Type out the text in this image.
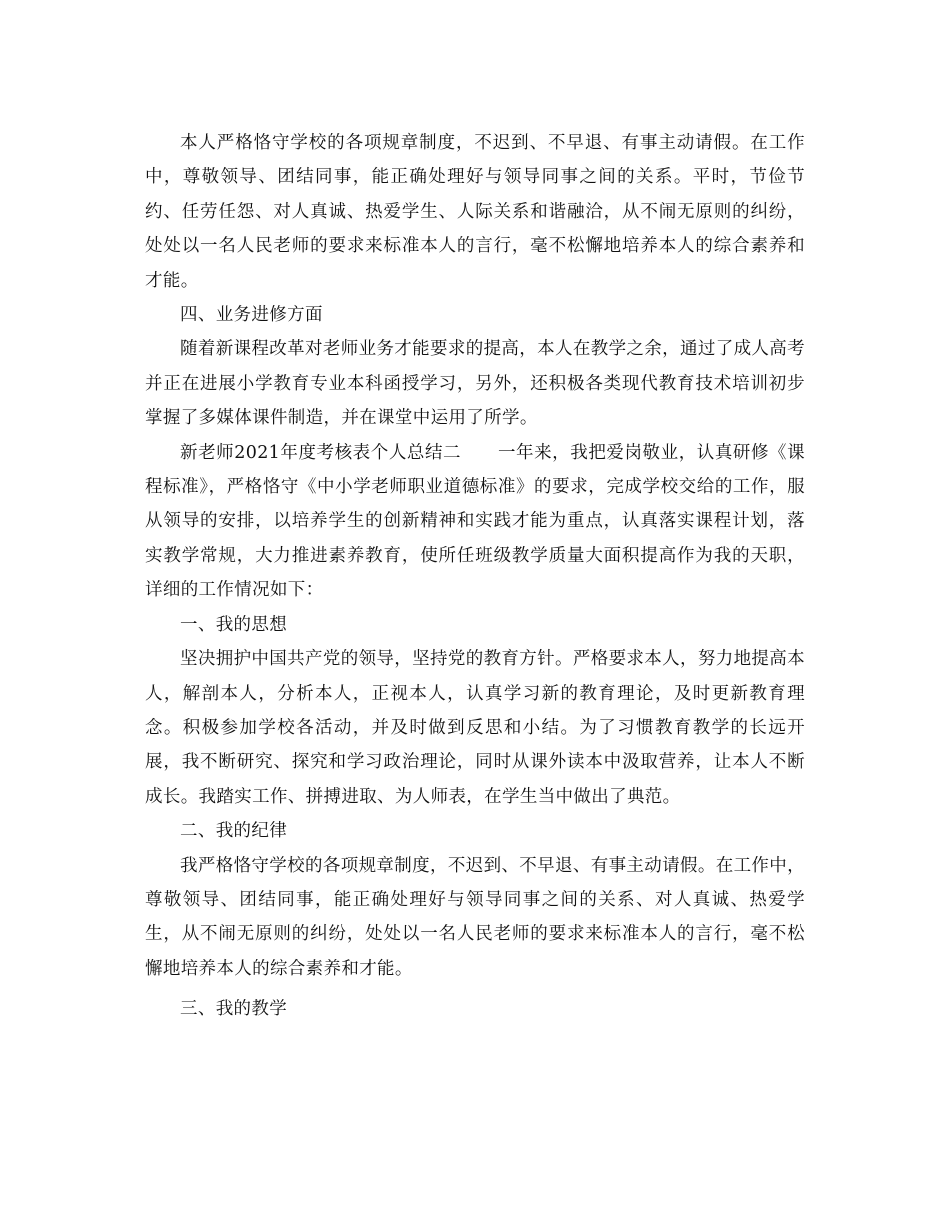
本人严格恪守学校的各项规章制度，不迟到、不早退、有事主动请假。在工作中，尊敬领导、团结同事，能正确处理好与领导同事之间的关系。平时，节俭节约、任劳任怨、对人真诚、热爱学生、人际关系和谐融洽，从不闹无原则的纠纷，处处以一名人民老师的要求来标准本人的言行，毫不松懈地培养本人的综合素养和才能。

四、业务进修方面

随着新课程改革对老师业务才能要求的提高，本人在教学之余，通过了成人高考并正在进展小学教育专业本科函授学习，另外，还积极各类现代教育技术培训初步掌握了多媒体课件制造，并在课堂中运用了所学。

新老师2021年度考核表个人总结二 一年来，我把爱岗敬业，认真研修《课程标准》，严格恪守《中小学老师职业道德标准》的要求，完成学校交给的工作，服从领导的安排，以培养学生的创新精神和实践才能为重点，认真落实课程计划，落实教学常规，大力推进素养教育，使所任班级教学质量大面积提高作为我的天职，详细的工作情况如下：

一、我的思想

坚决拥护中国共产党的领导，坚持党的教育方针。严格要求本人，努力地提高本人，解剖本人，分析本人，正视本人，认真学习新的教育理论，及时更新教育理念。积极参加学校各活动，并及时做到反思和小结。为了习惯教育教学的长远开展，我不断研究、探究和学习政治理论，同时从课外读本中汲取营养，让本人不断成长。我踏实工作、拼搏进取、为人师表，在学生当中做出了典范。

二、我的纪律

我严格恪守学校的各项规章制度，不迟到、不早退、有事主动请假。在工作中，尊敬领导、团结同事，能正确处理好与领导同事之间的关系、对人真诚、热爱学生，从不闹无原则的纠纷，处处以一名人民老师的要求来标准本人的言行，毫不松懈地培养本人的综合素养和才能。

三、我的教学
